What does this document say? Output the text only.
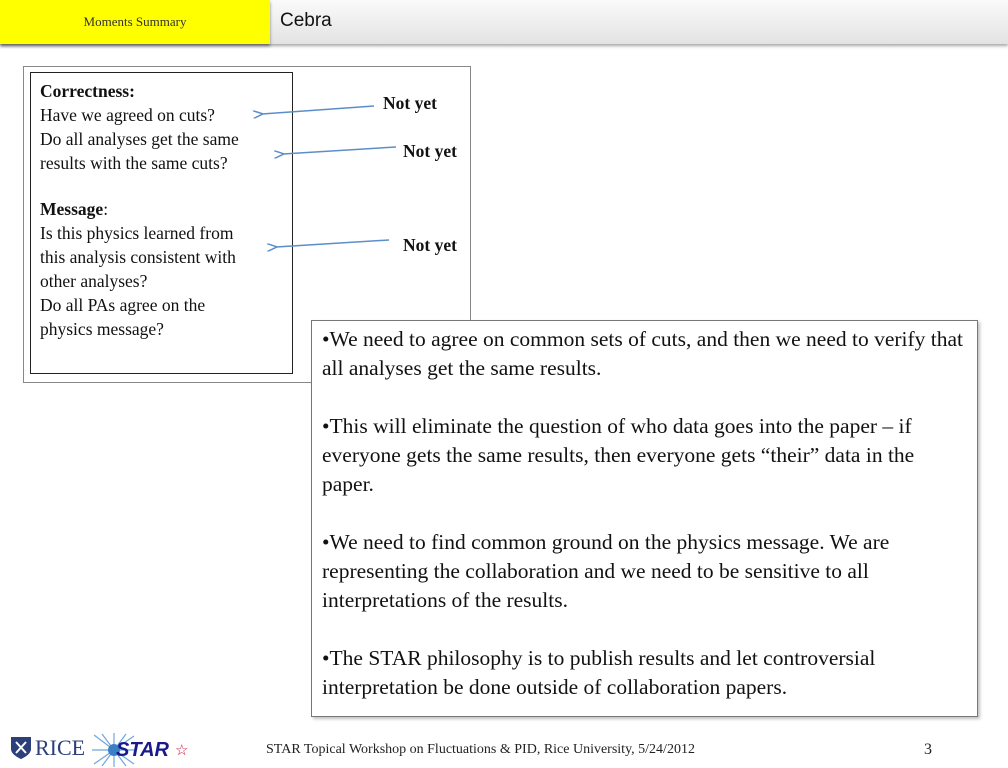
Moments Summary	Cebra

Correctness:

Have we agreed on cuts?

Do all analyses get the same

results with the same cuts?

Message:

Is this physics learned from

this analysis consistent with

other analyses?

Do all PAs agree on the

physics message?

Not yet
Not yet
Not yet

•We need to agree on common sets of cuts, and then we need to verify that all analyses get the same results.

•This will eliminate the question of who data goes into the paper – if everyone gets the same results, then everyone gets “their” data in the paper.

•We need to find common ground on the physics message. We are representing the collaboration and we need to be sensitive to all interpretations of the results.

•The STAR philosophy is to publish results and let controversial interpretation be done outside of collaboration papers.

RICE STAR ☆	STAR Topical Workshop on Fluctuations & PID, Rice University, 5/24/2012	3
